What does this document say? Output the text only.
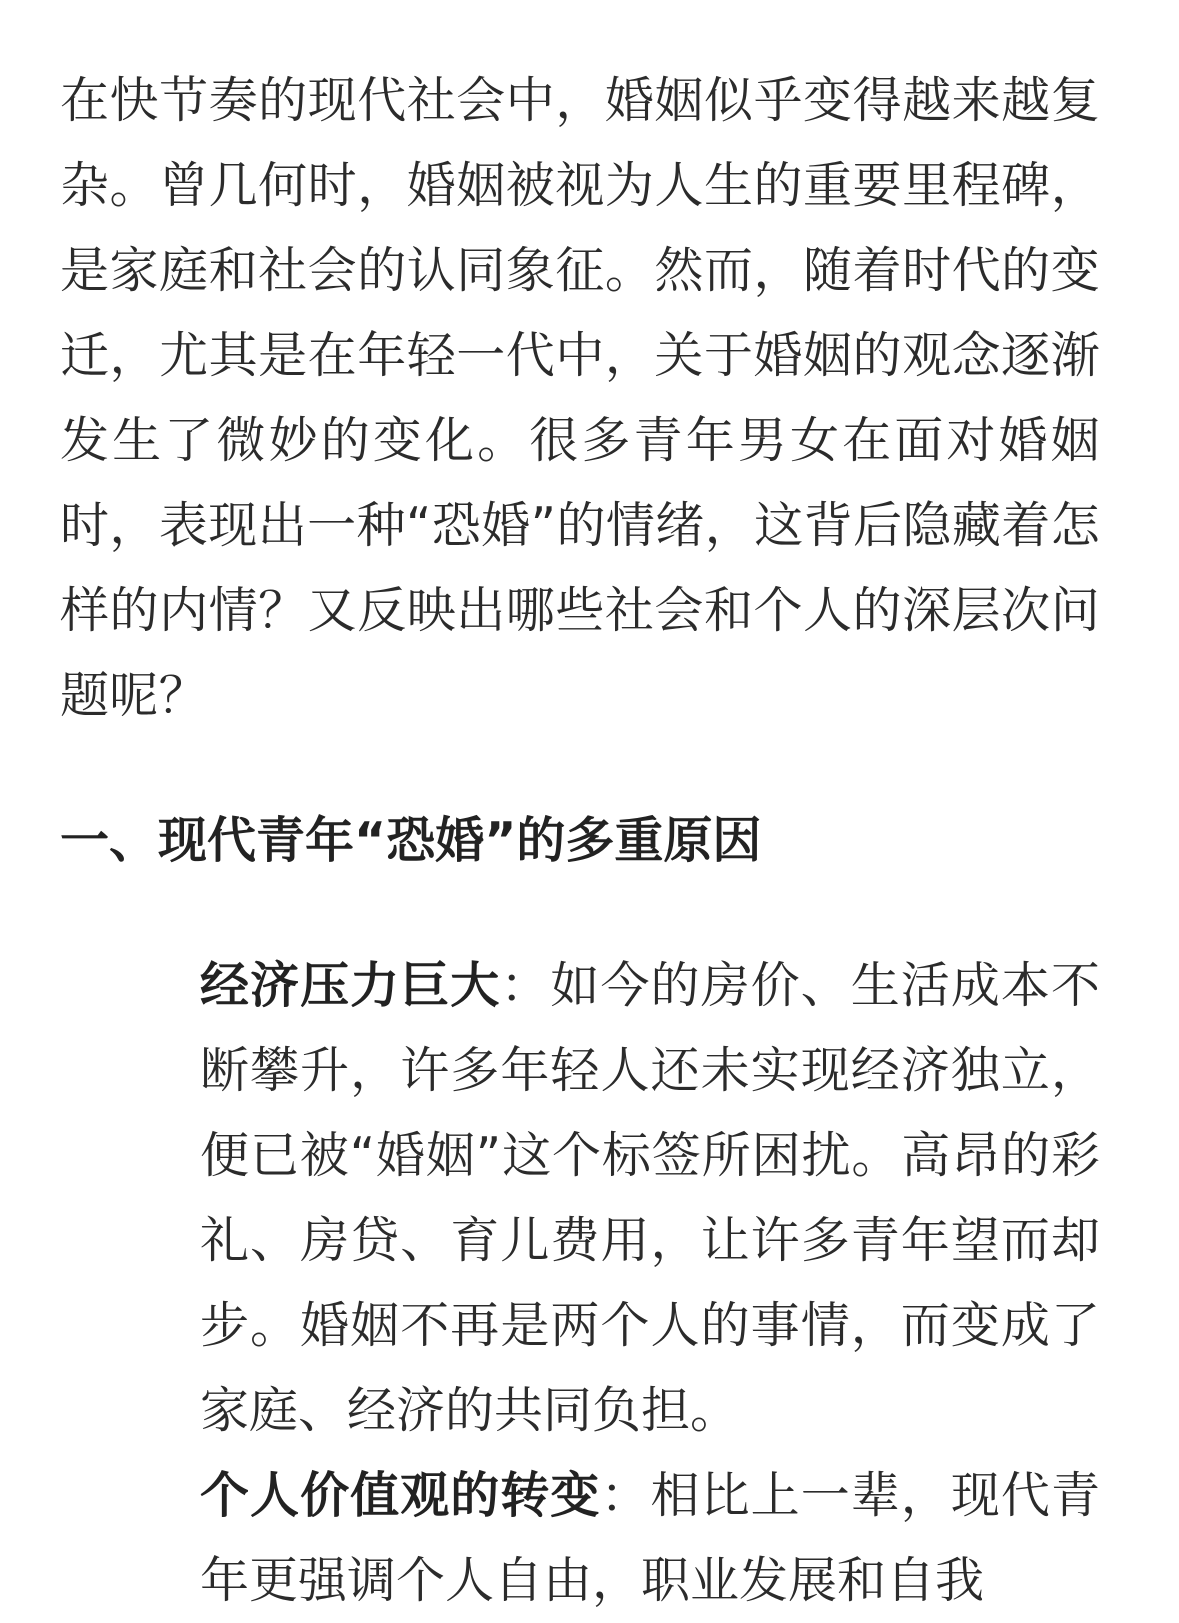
在快节奏的现代社会中，婚姻似乎变得越来越复杂。曾几何时，婚姻被视为人生的重要里程碑，是家庭和社会的认同象征。然而，随着时代的变迁，尤其是在年轻一代中，关于婚姻的观念逐渐发生了微妙的变化。很多青年男女在面对婚姻时，表现出一种“恐婚”的情绪，这背后隐藏着怎样的内情？又反映出哪些社会和个人的深层次问题呢？

一、现代青年“恐婚”的多重原因
经济压力巨大：如今的房价、生活成本不断攀升，许多年轻人还未实现经济独立，便已被“婚姻”这个标签所困扰。高昂的彩礼、房贷、育儿费用，让许多青年望而却步。婚姻不再是两个人的事情，而变成了家庭、经济的共同负担。
个人价值观的转变：相比上一辈，现代青年更强调个人自由，职业发展和自我
